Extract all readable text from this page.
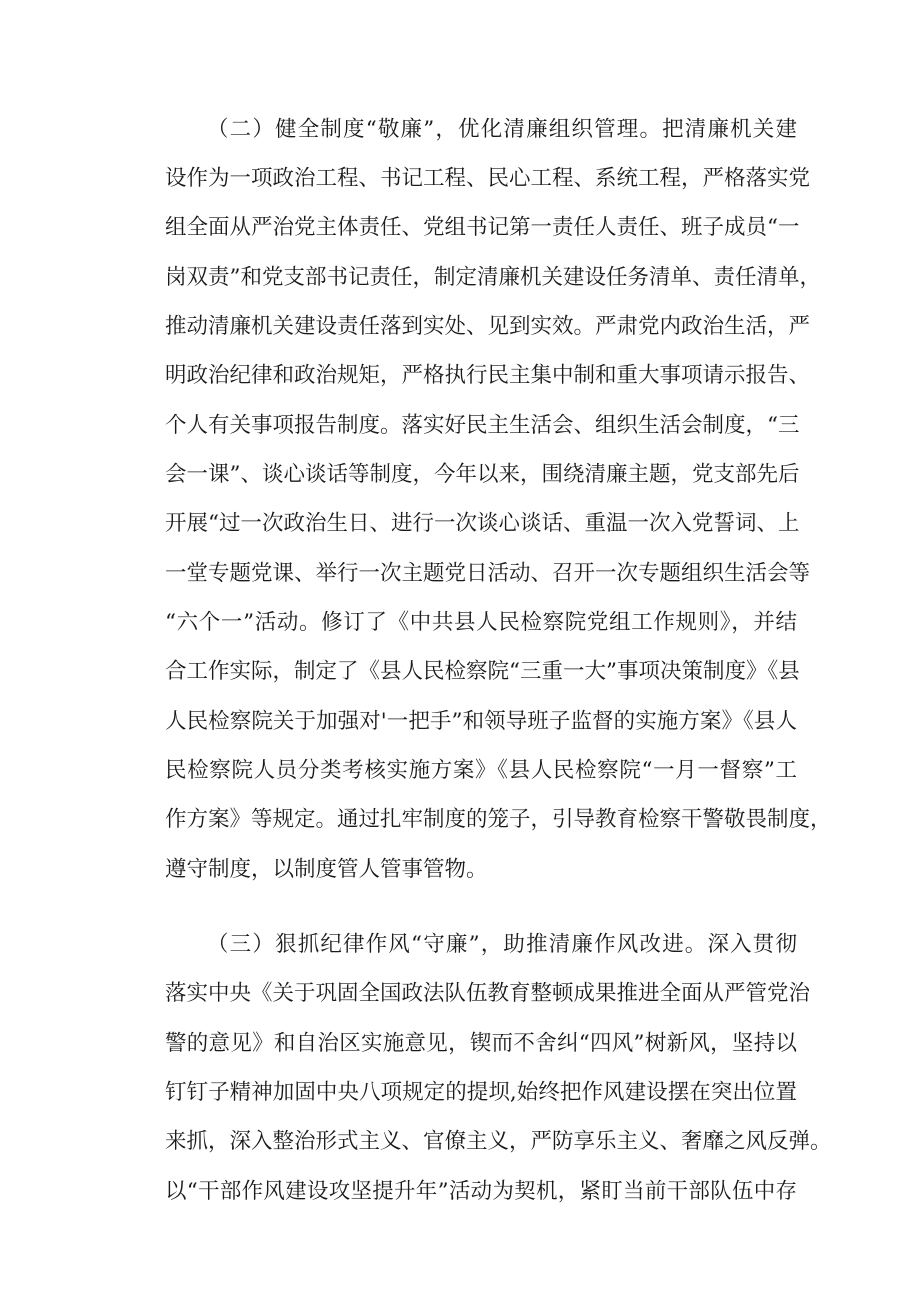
（二）健全制度“敬廉”，优化清廉组织管理。把清廉机关建
设作为一项政治工程、书记工程、民心工程、系统工程，严格落实党
组全面从严治党主体责任、党组书记第一责任人责任、班子成员“一
岗双责”和党支部书记责任，制定清廉机关建设任务清单、责任清单，
推动清廉机关建设责任落到实处、见到实效。严肃党内政治生活，严
明政治纪律和政治规矩，严格执行民主集中制和重大事项请示报告、
个人有关事项报告制度。落实好民主生活会、组织生活会制度，“三
会一课”、谈心谈话等制度，今年以来，围绕清廉主题，党支部先后
开展“过一次政治生日、进行一次谈心谈话、重温一次入党誓词、上
一堂专题党课、举行一次主题党日活动、召开一次专题组织生活会等
“六个一”活动。修订了《中共县人民检察院党组工作规则》，并结
合工作实际，制定了《县人民检察院“三重一大”事项决策制度》《县
人民检察院关于加强对'一把手”和领导班子监督的实施方案》《县人
民检察院人员分类考核实施方案》《县人民检察院“一月一督察”工
作方案》等规定。通过扎牢制度的笼子，引导教育检察干警敬畏制度，
遵守制度，以制度管人管事管物。
（三）狠抓纪律作风“守廉”，助推清廉作风改进。深入贯彻
落实中央《关于巩固全国政法队伍教育整顿成果推进全面从严管党治
警的意见》和自治区实施意见，锲而不舍纠“四风”树新风，坚持以
钉钉子精神加固中央八项规定的提坝,始终把作风建设摆在突出位置
来抓，深入整治形式主义、官僚主义，严防享乐主义、奢靡之风反弹。
以“干部作风建设攻坚提升年”活动为契机，紧盯当前干部队伍中存
